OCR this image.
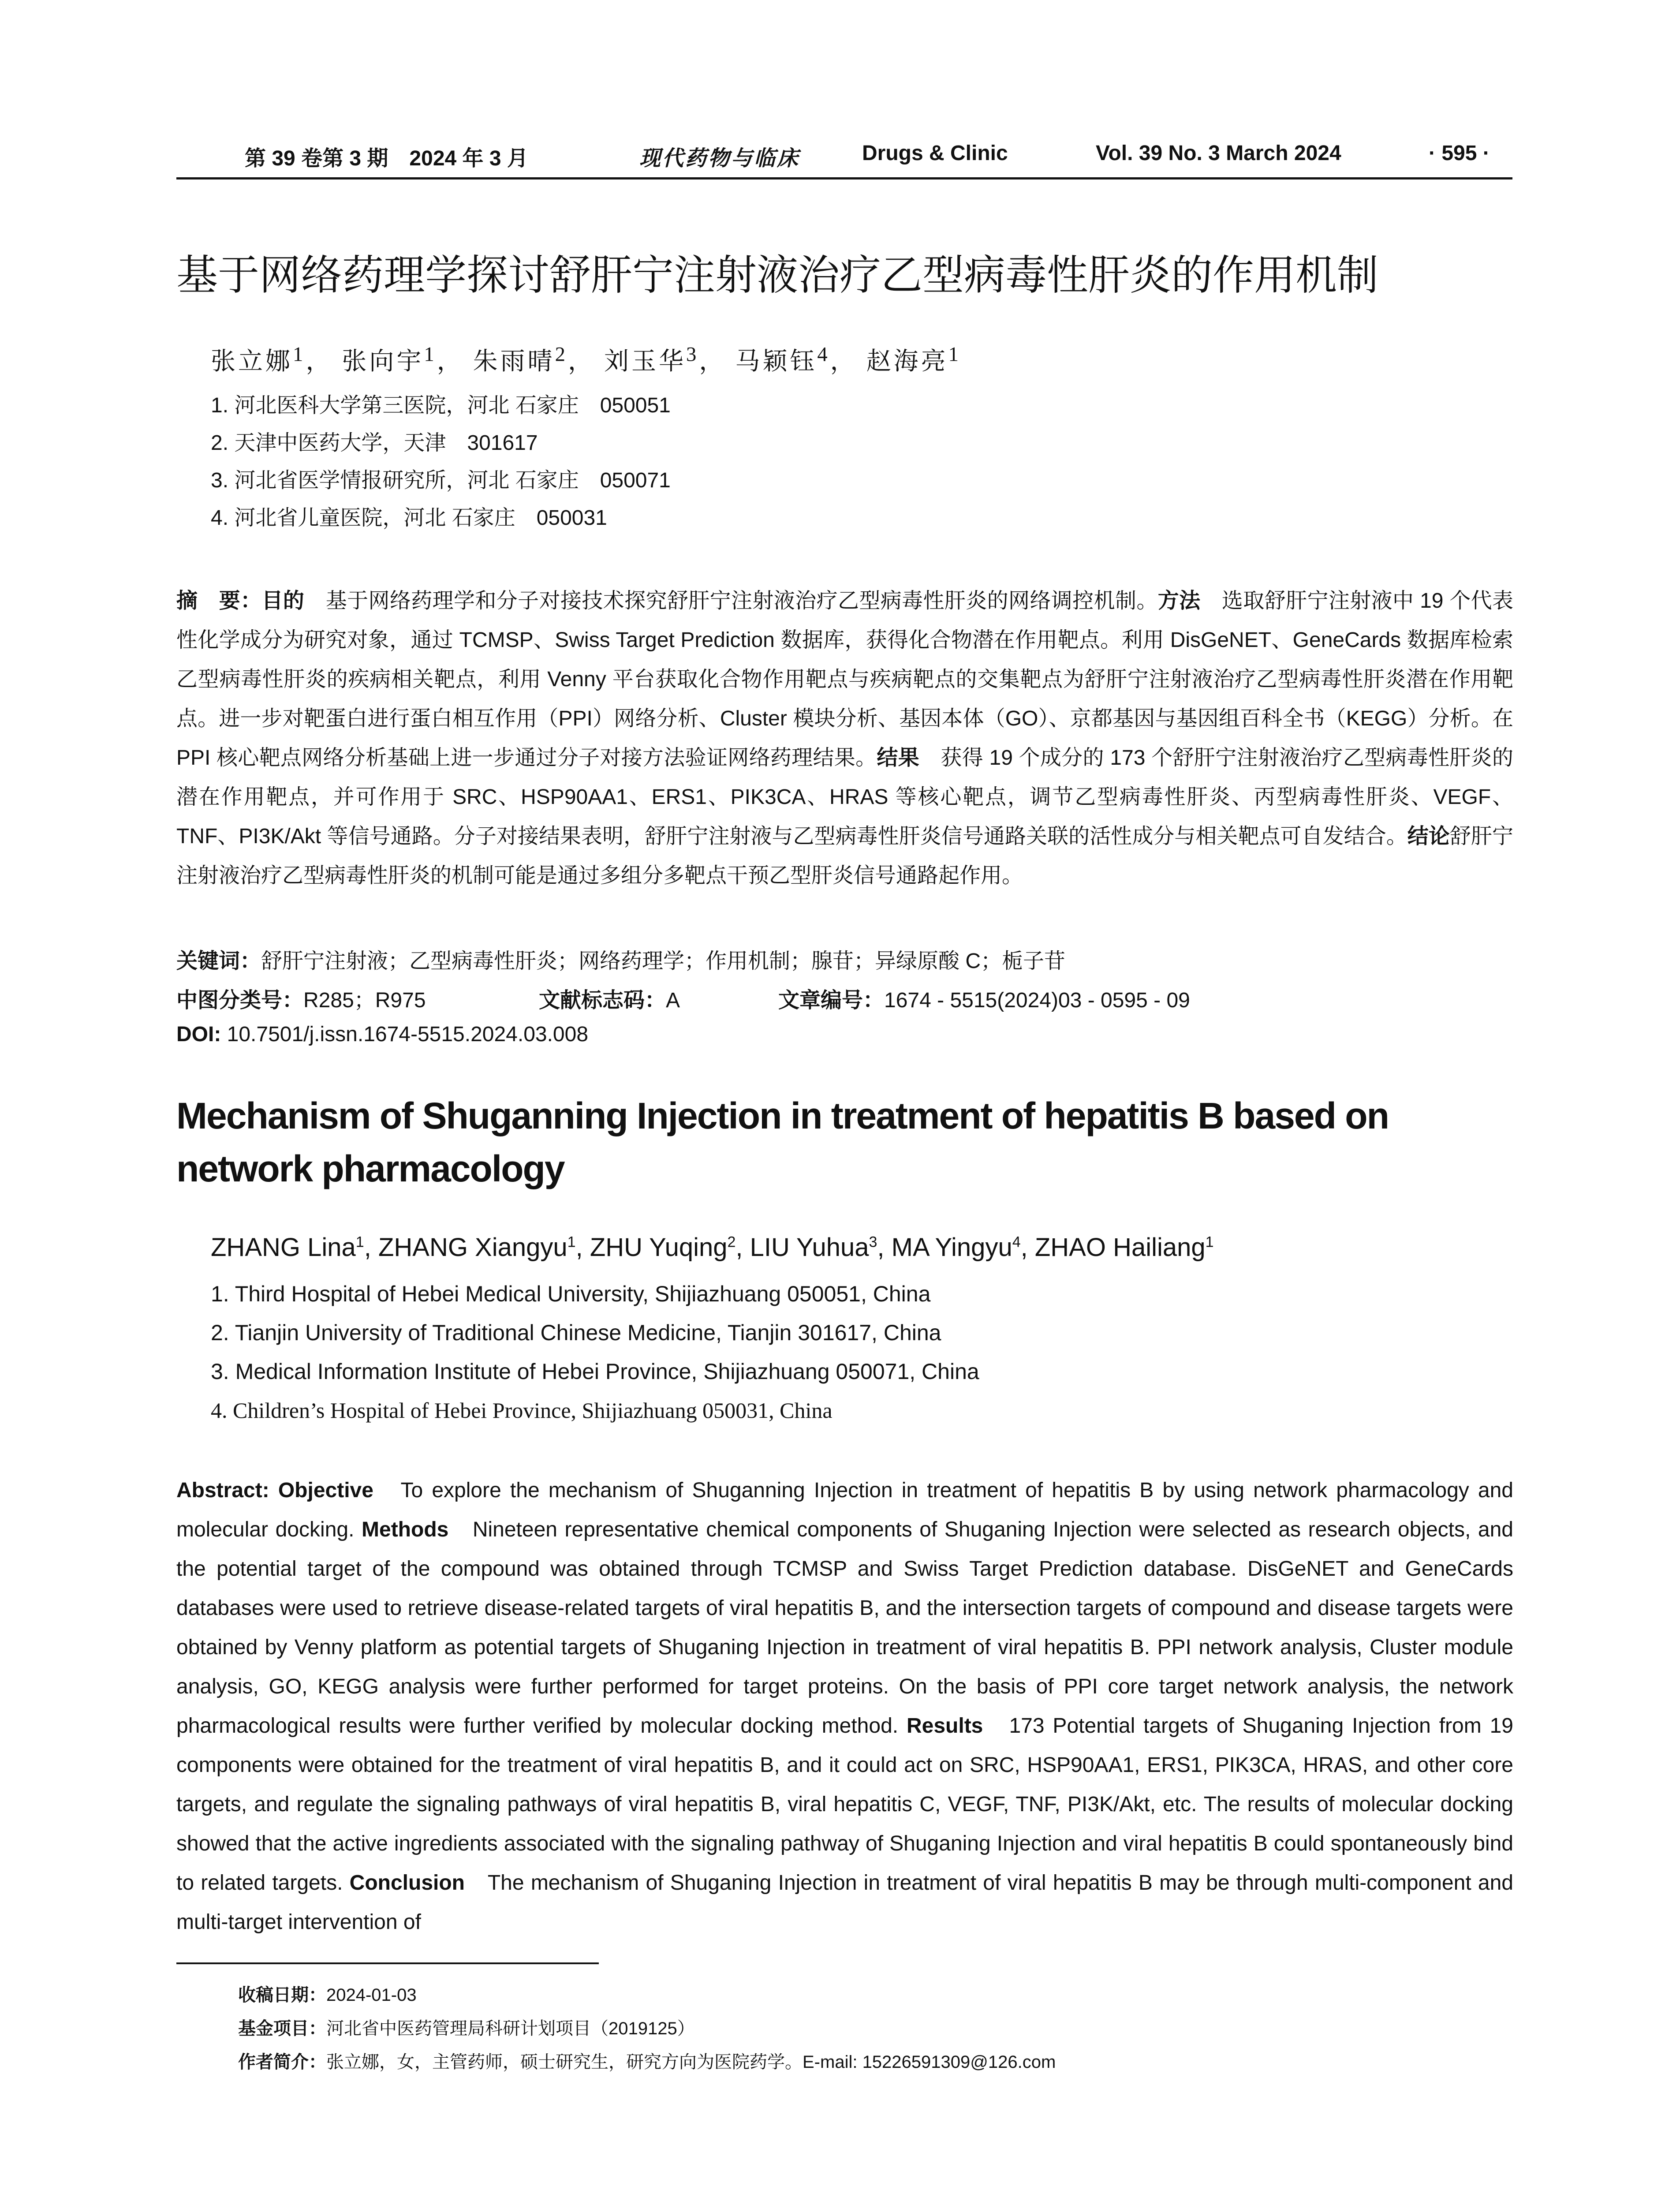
第 39 卷第 3 期　2024 年 3 月	现代药物与临床	Drugs & Clinic	Vol. 39 No. 3 March 2024	· 595 ·
基于网络药理学探讨舒肝宁注射液治疗乙型病毒性肝炎的作用机制
张立娜$^1$， 张向宇$^1$， 朱雨晴$^2$， 刘玉华$^3$， 马颖钰$^4$， 赵海亮$^1$
1. 河北医科大学第三医院，河北 石家庄　050051
2. 天津中医药大学，天津　301617
3. 河北省医学情报研究所，河北 石家庄　050071
4. 河北省儿童医院，河北 石家庄　050031
摘　要：目的　基于网络药理学和分子对接技术探究舒肝宁注射液治疗乙型病毒性肝炎的网络调控机制。方法　选取舒肝宁注射液中 19 个代表性化学成分为研究对象，通过 TCMSP、Swiss Target Prediction 数据库，获得化合物潜在作用靶点。利用 DisGeNET、GeneCards 数据库检索乙型病毒性肝炎的疾病相关靶点，利用 Venny 平台获取化合物作用靶点与疾病靶点的交集靶点为舒肝宁注射液治疗乙型病毒性肝炎潜在作用靶点。进一步对靶蛋白进行蛋白相互作用（PPI）网络分析、Cluster 模块分析、基因本体（GO）、京都基因与基因组百科全书（KEGG）分析。在 PPI 核心靶点网络分析基础上进一步通过分子对接方法验证网络药理结果。结果　获得 19 个成分的 173 个舒肝宁注射液治疗乙型病毒性肝炎的潜在作用靶点，并可作用于 SRC、HSP90AA1、ERS1、PIK3CA、HRAS 等核心靶点，调节乙型病毒性肝炎、丙型病毒性肝炎、VEGF、TNF、PI3K/Akt 等信号通路。分子对接结果表明，舒肝宁注射液与乙型病毒性肝炎信号通路关联的活性成分与相关靶点可自发结合。结论舒肝宁注射液治疗乙型病毒性肝炎的机制可能是通过多组分多靶点干预乙型肝炎信号通路起作用。
关键词：舒肝宁注射液；乙型病毒性肝炎；网络药理学；作用机制；腺苷；异绿原酸 C；栀子苷
中图分类号：R285；R975	文献标志码：A	文章编号：1674 - 5515(2024)03 - 0595 - 09
DOI: 10.7501/j.issn.1674-5515.2024.03.008
Mechanism of Shuganning Injection in treatment of hepatitis B based on network pharmacology
ZHANG Lina$^1$, ZHANG Xiangyu$^1$, ZHU Yuqing$^2$, LIU Yuhua$^3$, MA Yingyu$^4$, ZHAO Hailiang$^1$
1. Third Hospital of Hebei Medical University, Shijiazhuang 050051, China
2. Tianjin University of Traditional Chinese Medicine, Tianjin 301617, China
3. Medical Information Institute of Hebei Province, Shijiazhuang 050071, China
4. Children’s Hospital of Hebei Province, Shijiazhuang 050031, China
Abstract: Objective　To explore the mechanism of Shuganning Injection in treatment of hepatitis B by using network pharmacology and molecular docking. Methods　Nineteen representative chemical components of Shuganing Injection were selected as research objects, and the potential target of the compound was obtained through TCMSP and Swiss Target Prediction database. DisGeNET and GeneCards databases were used to retrieve disease-related targets of viral hepatitis B, and the intersection targets of compound and disease targets were obtained by Venny platform as potential targets of Shuganing Injection in treatment of viral hepatitis B. PPI network analysis, Cluster module analysis, GO, KEGG analysis were further performed for target proteins. On the basis of PPI core target network analysis, the network pharmacological results were further verified by molecular docking method. Results　173 Potential targets of Shuganing Injection from 19 components were obtained for the treatment of viral hepatitis B, and it could act on SRC, HSP90AA1, ERS1, PIK3CA, HRAS, and other core targets, and regulate the signaling pathways of viral hepatitis B, viral hepatitis C, VEGF, TNF, PI3K/Akt, etc. The results of molecular docking showed that the active ingredients associated with the signaling pathway of Shuganing Injection and viral hepatitis B could spontaneously bind to related targets. Conclusion　The mechanism of Shuganing Injection in treatment of viral hepatitis B may be through multi-component and multi-target intervention of
收稿日期：2024-01-03
基金项目：河北省中医药管理局科研计划项目（2019125）
作者简介：张立娜，女，主管药师，硕士研究生，研究方向为医院药学。E-mail: 15226591309@126.com
